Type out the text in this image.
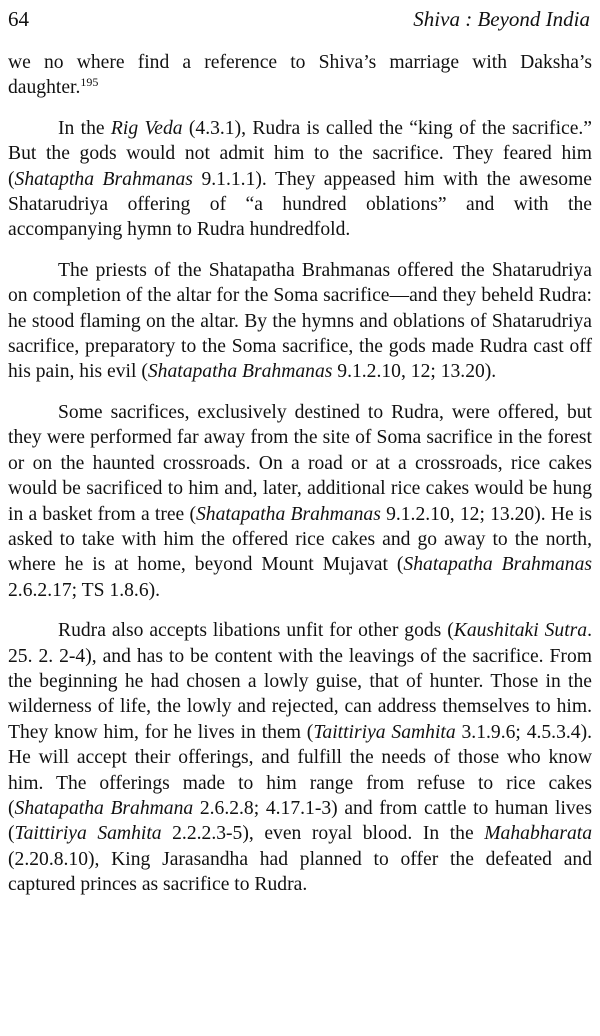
64	Shiva : Beyond India

we no where find a reference to Shiva’s marriage with Daksha’s daughter.$^{195}$

In the Rig Veda (4.3.1), Rudra is called the “king of the sacrifice.” But the gods would not admit him to the sacrifice. They feared him (Shataptha Brahmanas 9.1.1.1). They appeased him with the awesome Shatarudriya offering of “a hundred oblations” and with the accompanying hymn to Rudra hundredfold.

The priests of the Shatapatha Brahmanas offered the Shatarudriya on completion of the altar for the Soma sacrifice—and they beheld Rudra: he stood flaming on the altar. By the hymns and oblations of Shatarudriya sacrifice, preparatory to the Soma sacrifice, the gods made Rudra cast off his pain, his evil (Shatapatha Brahmanas 9.1.2.10, 12; 13.20).

Some sacrifices, exclusively destined to Rudra, were offered, but they were performed far away from the site of Soma sacrifice in the forest or on the haunted crossroads. On a road or at a crossroads, rice cakes would be sacrificed to him and, later, additional rice cakes would be hung in a basket from a tree (Shatapatha Brahmanas 9.1.2.10, 12; 13.20). He is asked to take with him the offered rice cakes and go away to the north, where he is at home, beyond Mount Mujavat (Shatapatha Brahmanas 2.6.2.17; TS 1.8.6).

Rudra also accepts libations unfit for other gods (Kaushitaki Sutra. 25. 2. 2-4), and has to be content with the leavings of the sacrifice. From the beginning he had chosen a lowly guise, that of hunter. Those in the wilderness of life, the lowly and rejected, can address themselves to him. They know him, for he lives in them (Taittiriya Samhita 3.1.9.6; 4.5.3.4). He will accept their offerings, and fulfill the needs of those who know him. The offerings made to him range from refuse to rice cakes (Shatapatha Brahmana 2.6.2.8; 4.17.1-3) and from cattle to human lives (Taittiriya Samhita 2.2.2.3-5), even royal blood. In the Mahabharata (2.20.8.10), King Jarasandha had planned to offer the defeated and captured princes as sacrifice to Rudra.
